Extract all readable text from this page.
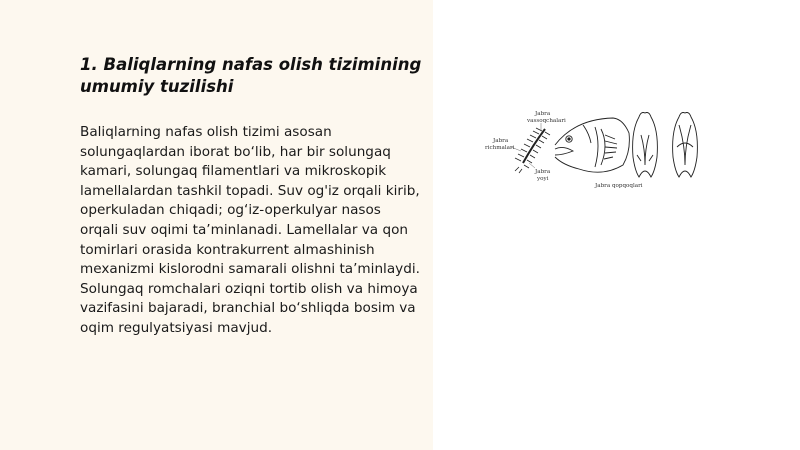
1. Baliqlarning nafas olish tizimining umumiy tuzilishi

Baliqlarning nafas olish tizimi asosan solungaqlardan iborat bo‘lib, har bir solungaq kamari, solungaq filamentlari va mikroskopik lamellalardan tashkil topadi. Suv og'iz orqali kirib, operkuladan chiqadi; og‘iz-operkulyar nasos orqali suv oqimi ta’minlanadi. Lamellalar va qon tomirlari orasida kontrakurrent almashinish mexanizmi kislorodni samarali olishni ta’minlaydi. Solungaq romchalari oziqni tortib olish va himoya vazifasini bajaradi, branchial bo‘shliqda bosim va oqim regulyatsiyasi mavjud.

Jabra
vassoqchalari
Jabra
richmalari
Jabra
yoyi
Jabra qopqoqlari
